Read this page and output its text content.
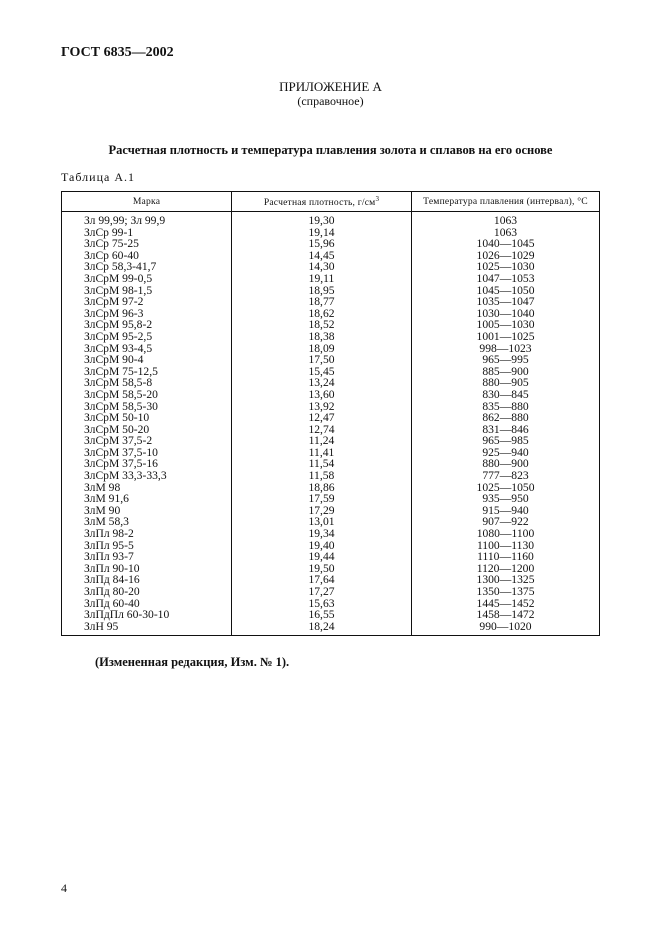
ГОСТ 6835—2002
ПРИЛОЖЕНИЕ А
(справочное)
Расчетная плотность и температура плавления золота и сплавов на его основе
Таблица А.1
Марка	Расчетная плотность, $г/см^3$	Температура плавления (интервал), °С
Зл 99,99; Зл 99,9	19,30	1063
ЗлСр 99-1	19,14	1063
ЗлСр 75-25	15,96	1040—1045
ЗлСр 60-40	14,45	1026—1029
ЗлСр 58,3-41,7	14,30	1025—1030
ЗлСрМ 99-0,5	19,11	1047—1053
ЗлСрМ 98-1,5	18,95	1045—1050
ЗлСрМ 97-2	18,77	1035—1047
ЗлСрМ 96-3	18,62	1030—1040
ЗлСрМ 95,8-2	18,52	1005—1030
ЗлСрМ 95-2,5	18,38	1001—1025
ЗлСрМ 93-4,5	18,09	998—1023
ЗлСрМ 90-4	17,50	965—995
ЗлСрМ 75-12,5	15,45	885—900
ЗлСрМ 58,5-8	13,24	880—905
ЗлСрМ 58,5-20	13,60	830—845
ЗлСрМ 58,5-30	13,92	835—880
ЗлСрМ 50-10	12,47	862—880
ЗлСрМ 50-20	12,74	831—846
ЗлСрМ 37,5-2	11,24	965—985
ЗлСрМ 37,5-10	11,41	925—940
ЗлСрМ 37,5-16	11,54	880—900
ЗлСрМ 33,3-33,3	11,58	777—823
ЗлМ 98	18,86	1025—1050
ЗлМ 91,6	17,59	935—950
ЗлМ 90	17,29	915—940
ЗлМ 58,3	13,01	907—922
ЗлПл 98-2	19,34	1080—1100
ЗлПл 95-5	19,40	1100—1130
ЗлПл 93-7	19,44	1110—1160
ЗлПл 90-10	19,50	1120—1200
ЗлПд 84-16	17,64	1300—1325
ЗлПд 80-20	17,27	1350—1375
ЗлПд 60-40	15,63	1445—1452
ЗлПдПл 60-30-10	16,55	1458—1472
ЗлН 95	18,24	990—1020
(Измененная редакция, Изм. № 1).
4
